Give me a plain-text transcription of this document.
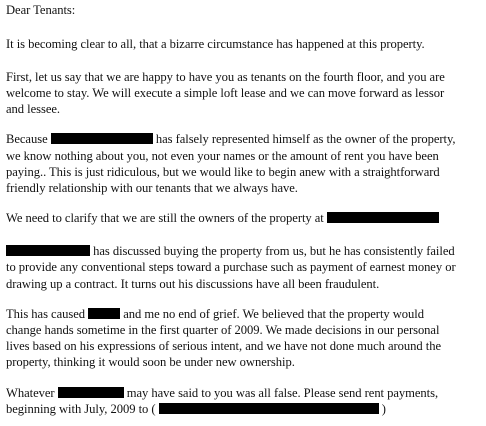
Dear Tenants:
It is becoming clear to all, that a bizarre circumstance has happened at this property.
First, let us say that we are happy to have you as tenants on the fourth floor, and you are
welcome to stay. We will execute a simple loft lease and we can move forward as lessor
and lessee.
Because	has falsely represented himself as the owner of the property,
we know nothing about you, not even your names or the amount of rent you have been
paying.. This is just ridiculous, but we would like to begin anew with a straightforward
friendly relationship with our tenants that we always have.
We need to clarify that we are still the owners of the property at
has discussed buying the property from us, but he has consistently failed
to provide any conventional steps toward a purchase such as payment of earnest money or
drawing up a contract. It turns out his discussions have all been fraudulent.
This has caused	and me no end of grief. We believed that the property would
change hands sometime in the first quarter of 2009. We made decisions in our personal
lives based on his expressions of serious intent, and we have not done much around the
property, thinking it would soon be under new ownership.
Whatever	may have said to you was all false. Please send rent payments,
beginning with July, 2009 to (	)
